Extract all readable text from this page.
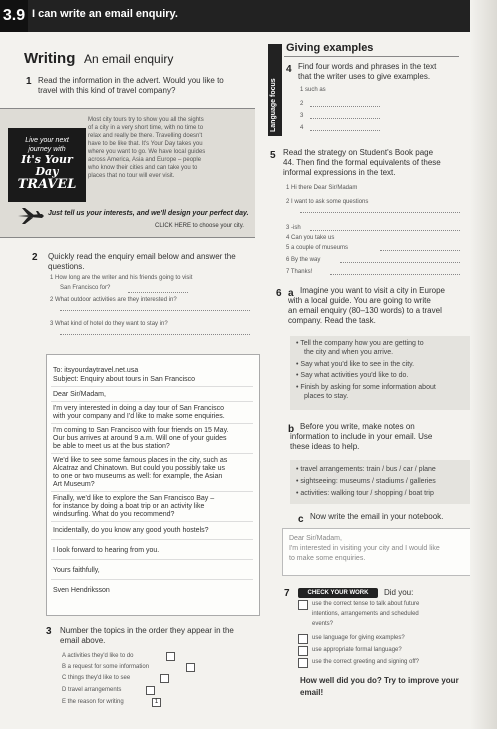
3.9 I can write an email enquiry.
Writing An email enquiry
1 Read the information in the advert. Would you like to
travel with this kind of travel company?
Live your next
journey with
It's Your Day
TRAVEL
Most city tours try to show you all the sights
of a city in a very short time, with no time to
relax and really be there. Travelling doesn't
have to be like that. It's Your Day takes you
where you want to go. We have local guides
across America, Asia and Europe – people
who know their cities and can take you to
places that no tour will ever visit.
Just tell us your interests, and we'll design your perfect day.
CLICK HERE to choose your city.
2 Quickly read the enquiry email below and answer the
questions.
1 How long are the writer and his friends going to visit
San Francisco for?
2 What outdoor activities are they interested in?
3 What kind of hotel do they want to stay in?
To: itsyourdaytravel.net.usa
Subject: Enquiry about tours in San Francisco
Dear Sir/Madam,
I'm very interested in doing a day tour of San Francisco
with your company and I'd like to make some enquiries.
I'm coming to San Francisco with four friends on 15 May.
Our bus arrives at around 9 a.m. Will one of your guides
be able to meet us at the bus station?
We'd like to see some famous places in the city, such as
Alcatraz and Chinatown. But could you possibly take us
to one or two museums as well: for example, the Asian
Art Museum?
Finally, we'd like to explore the San Francisco Bay –
for instance by doing a boat trip or an activity like
windsurfing. What do you recommend?
Incidentally, do you know any good youth hostels?
I look forward to hearing from you.
Yours faithfully,
Sven Hendriksson
3 Number the topics in the order they appear in the
email above.
A activities they'd like to do
B a request for some information
C things they'd like to see
D travel arrangements
E the reason for writing	1
Language focus
Giving examples
4 Find four words and phrases in the text
that the writer uses to give examples.
1 such as
2
3
4
5 Read the strategy on Student's Book page
44. Then find the formal equivalents of these
informal expressions in the text.
1 Hi there Dear Sir/Madam
2 I want to ask some questions
3 -ish
4 Can you take us
5 a couple of museums
6 By the way
7 Thanks!
6 a Imagine you want to visit a city in Europe
with a local guide. You are going to write
an email enquiry (80–130 words) to a travel
company. Read the task.
• Tell the company how you are getting to
the city and when you arrive.
• Say what you'd like to see in the city.
• Say what activities you'd like to do.
• Finish by asking for some information about
places to stay.
b Before you write, make notes on
information to include in your email. Use
these ideas to help.
• travel arrangements: train / bus / car / plane
• sightseeing: museums / stadiums / galleries
• activities: walking tour / shopping / boat trip
c Now write the email in your notebook.
Dear Sir/Madam,
I'm interested in visiting your city and I would like
to make some enquiries.
7	CHECK YOUR WORK	Did you:
use the correct tense to talk about future
intentions, arrangements and scheduled
events?
use language for giving examples?
use appropriate formal language?
use the correct greeting and signing off?
How well did you do? Try to improve your
email!
